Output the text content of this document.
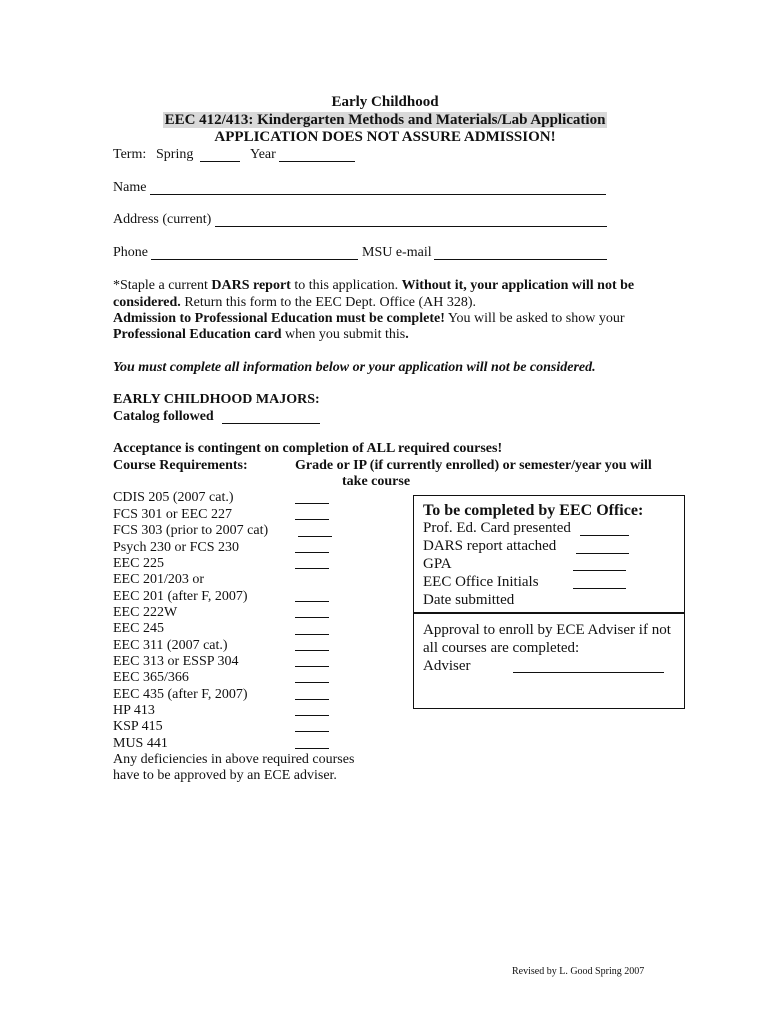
Early Childhood
EEC 412/413: Kindergarten Methods and Materials/Lab Application
APPLICATION DOES NOT ASSURE ADMISSION!
Term: Spring	Year
Name
Address (current)
Phone	MSU e-mail
*Staple a current DARS report to this application. Without it, your application will not be
considered. Return this form to the EEC Dept. Office (AH 328).
Admission to Professional Education must be complete! You will be asked to show your
Professional Education card when you submit this.
You must complete all information below or your application will not be considered.
EARLY CHILDHOOD MAJORS:
Catalog followed
Acceptance is contingent on completion of ALL required courses!
Course Requirements:	Grade or IP (if currently enrolled) or semester/year you will
take course
CDIS 205 (2007 cat.)
FCS 301 or EEC 227
FCS 303 (prior to 2007 cat)
Psych 230 or FCS 230
EEC 225
EEC 201/203 or
EEC 201 (after F, 2007)
EEC 222W
EEC 245
EEC 311 (2007 cat.)
EEC 313 or ESSP 304
EEC 365/366
EEC 435 (after F, 2007)
HP 413
KSP 415
MUS 441
Any deficiencies in above required courses
have to be approved by an ECE adviser.
To be completed by EEC Office:
Prof. Ed. Card presented
DARS report attached
GPA
EEC Office Initials
Date submitted
Approval to enroll by ECE Adviser if not
all courses are completed:
Adviser
Revised by L. Good Spring 2007
